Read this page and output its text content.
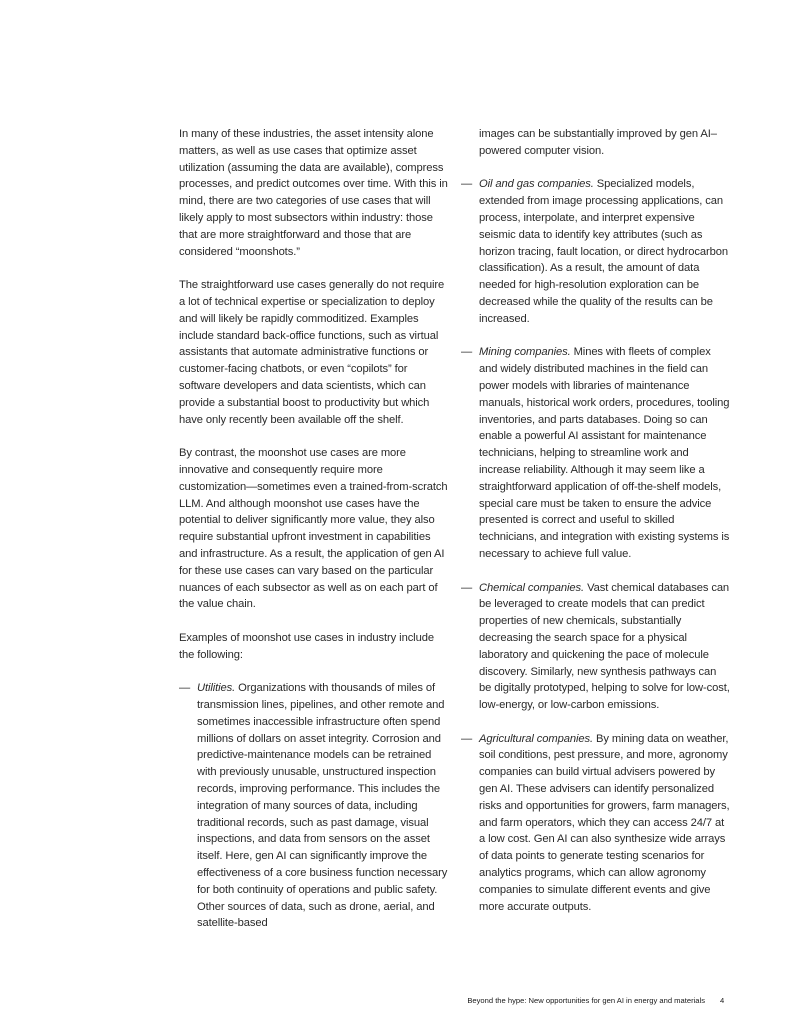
In many of these industries, the asset intensity alone matters, as well as use cases that optimize asset utilization (assuming the data are available), compress processes, and predict outcomes over time. With this in mind, there are two categories of use cases that will likely apply to most subsectors within industry: those that are more straightforward and those that are considered “moonshots.”

The straightforward use cases generally do not require a lot of technical expertise or specialization to deploy and will likely be rapidly commoditized. Examples include standard back-office functions, such as virtual assistants that automate administrative functions or customer-facing chatbots, or even “copilots” for software developers and data scientists, which can provide a substantial boost to productivity but which have only recently been available off the shelf.

By contrast, the moonshot use cases are more innovative and consequently require more customization—sometimes even a trained-from-scratch LLM. And although moonshot use cases have the potential to deliver significantly more value, they also require substantial upfront investment in capabilities and infrastructure. As a result, the application of gen AI for these use cases can vary based on the particular nuances of each subsector as well as on each part of the value chain.

Examples of moonshot use cases in industry include the following:

— Utilities. Organizations with thousands of miles of transmission lines, pipelines, and other remote and sometimes inaccessible infrastructure often spend millions of dollars on asset integrity. Corrosion and predictive-maintenance models can be retrained with previously unusable, unstructured inspection records, improving performance. This includes the integration of many sources of data, including traditional records, such as past damage, visual inspections, and data from sensors on the asset itself. Here, gen AI can significantly improve the effectiveness of a core business function necessary for both continuity of operations and public safety. Other sources of data, such as drone, aerial, and satellite-based

images can be substantially improved by gen AI–powered computer vision.

— Oil and gas companies. Specialized models, extended from image processing applications, can process, interpolate, and interpret expensive seismic data to identify key attributes (such as horizon tracing, fault location, or direct hydrocarbon classification). As a result, the amount of data needed for high-resolution exploration can be decreased while the quality of the results can be increased.
— Mining companies. Mines with fleets of complex and widely distributed machines in the field can power models with libraries of maintenance manuals, historical work orders, procedures, tooling inventories, and parts databases. Doing so can enable a powerful AI assistant for maintenance technicians, helping to streamline work and increase reliability. Although it may seem like a straightforward application of off-the-shelf models, special care must be taken to ensure the advice presented is correct and useful to skilled technicians, and integration with existing systems is necessary to achieve full value.
— Chemical companies. Vast chemical databases can be leveraged to create models that can predict properties of new chemicals, substantially decreasing the search space for a physical laboratory and quickening the pace of molecule discovery. Similarly, new synthesis pathways can be digitally prototyped, helping to solve for low-cost, low-energy, or low-carbon emissions.
— Agricultural companies. By mining data on weather, soil conditions, pest pressure, and more, agronomy companies can build virtual advisers powered by gen AI. These advisers can identify personalized risks and opportunities for growers, farm managers, and farm operators, which they can access 24/7 at a low cost. Gen AI can also synthesize wide arrays of data points to generate testing scenarios for analytics programs, which can allow agronomy companies to simulate different events and give more accurate outputs.
Beyond the hype: New opportunities for gen AI in energy and materials 4
